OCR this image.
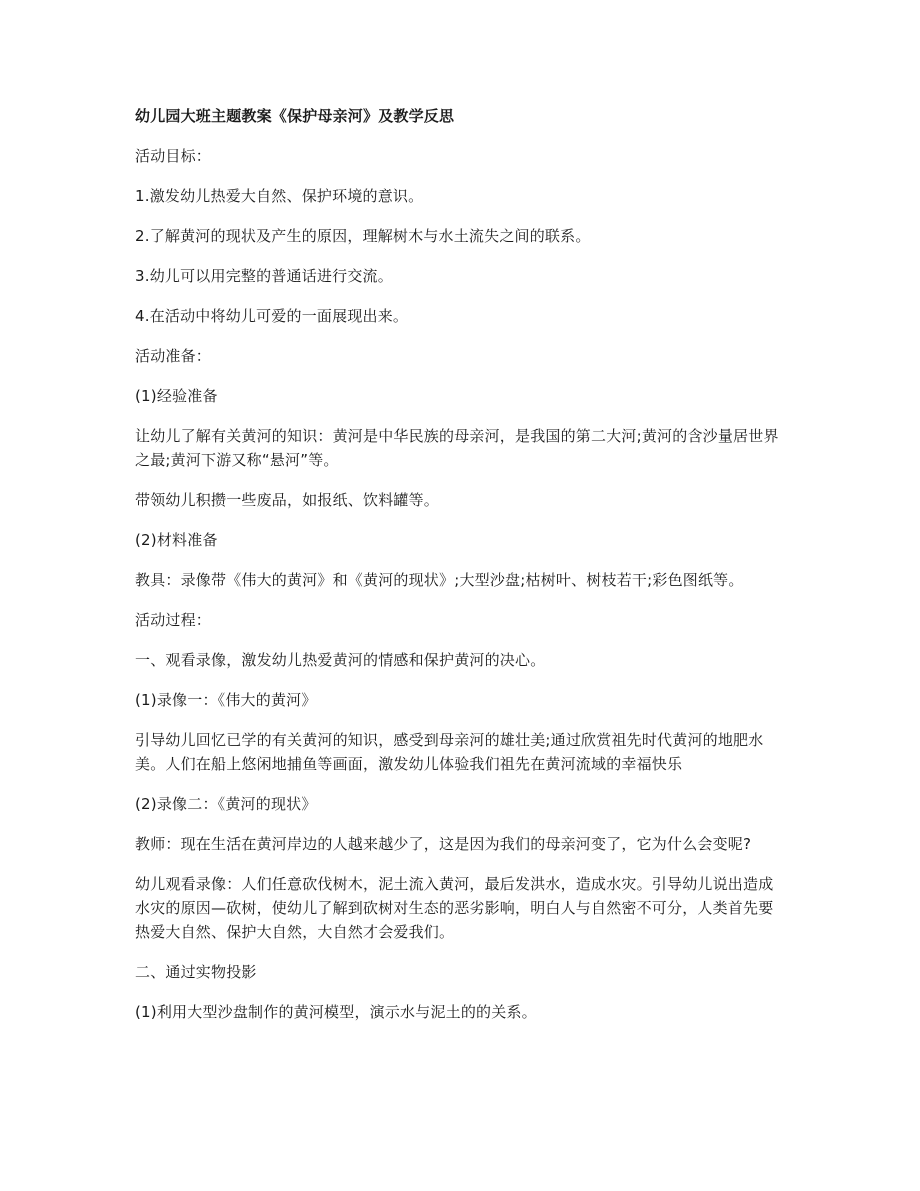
幼儿园大班主题教案《保护母亲河》及教学反思

活动目标：

1.激发幼儿热爱大自然、保护环境的意识。

2.了解黄河的现状及产生的原因，理解树木与水土流失之间的联系。

3.幼儿可以用完整的普通话进行交流。

4.在活动中将幼儿可爱的一面展现出来。

活动准备：

(1)经验准备

让幼儿了解有关黄河的知识：黄河是中华民族的母亲河，是我国的第二大河;黄河的含沙量居世界之最;黄河下游又称“悬河”等。

带领幼儿积攒一些废品，如报纸、饮料罐等。

(2)材料准备

教具：录像带《伟大的黄河》和《黄河的现状》;大型沙盘;枯树叶、树枝若干;彩色图纸等。

活动过程：

一、观看录像，激发幼儿热爱黄河的情感和保护黄河的决心。

(1)录像一：《伟大的黄河》

引导幼儿回忆已学的有关黄河的知识，感受到母亲河的雄壮美;通过欣赏祖先时代黄河的地肥水美。人们在船上悠闲地捕鱼等画面，激发幼儿体验我们祖先在黄河流域的幸福快乐

(2)录像二：《黄河的现状》

教师：现在生活在黄河岸边的人越来越少了，这是因为我们的母亲河变了，它为什么会变呢?

幼儿观看录像：人们任意砍伐树木，泥土流入黄河，最后发洪水，造成水灾。引导幼儿说出造成水灾的原因—砍树，使幼儿了解到砍树对生态的恶劣影响，明白人与自然密不可分，人类首先要热爱大自然、保护大自然，大自然才会爱我们。

二、通过实物投影

(1)利用大型沙盘制作的黄河模型，演示水与泥土的的关系。
